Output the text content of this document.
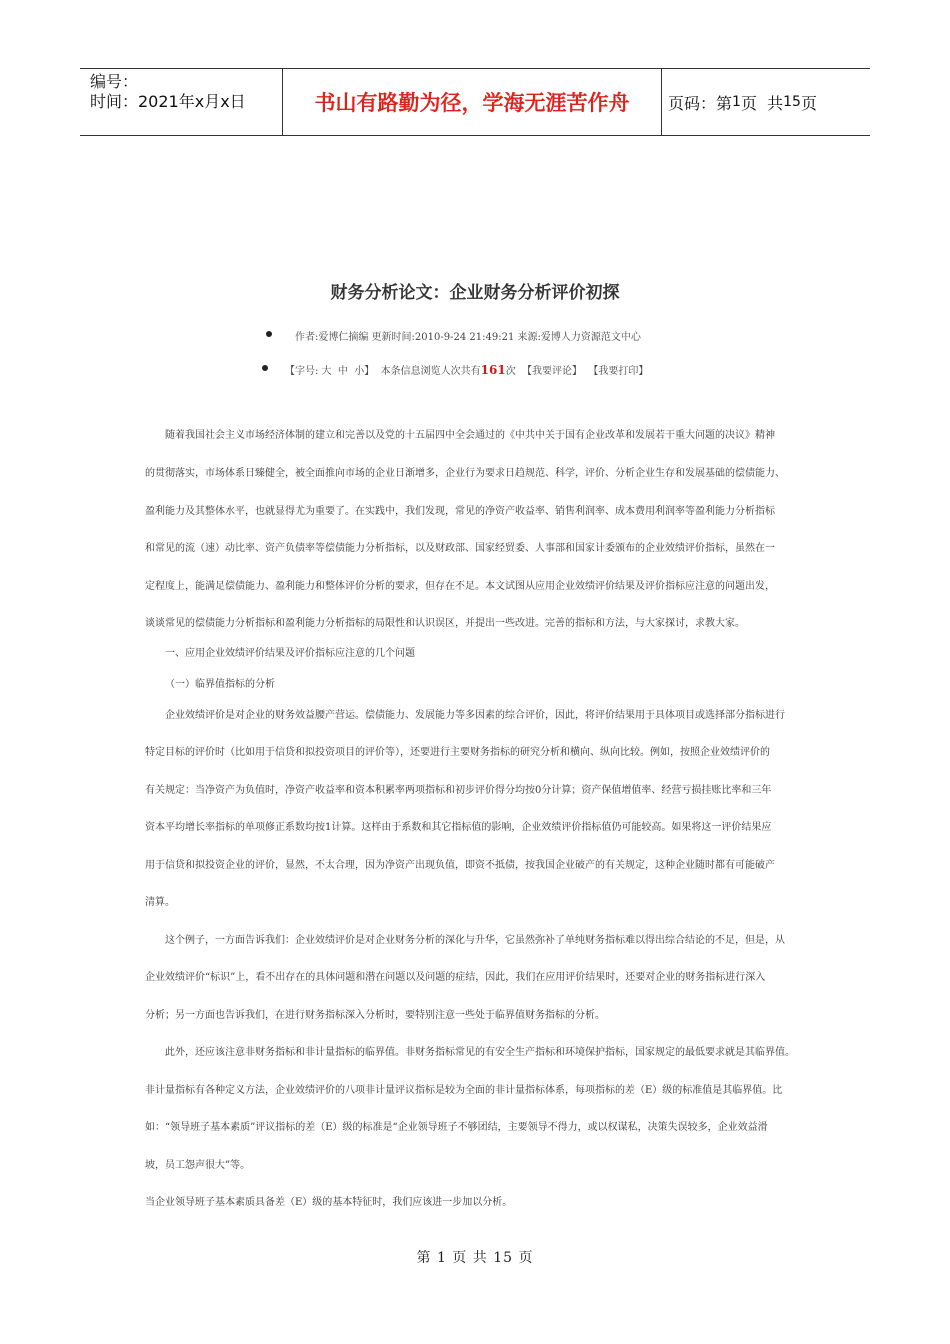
编号：
时间：2021年x月x日	书山有路勤为径，学海无涯苦作舟	页码：第 1 页  共 15 页
财务分析论文：企业财务分析评价初探
作者:爱博仁摘编 更新时间:2010-9-24 21:49:21 来源:爱博人力资源范文中心
【字号: 大  中  小】  本条信息浏览人次共有 161 次  【我要评论】  【我要打印】
随着我国社会主义市场经济体制的建立和完善以及党的十五届四中全会通过的《中共中关于国有企业改革和发展若干重大问题的决议》精神
的贯彻落实，市场体系日臻健全，被全面推向市场的企业日渐增多，企业行为要求日趋规范、科学，评价、分析企业生存和发展基础的偿债能力、
盈利能力及其整体水平，也就显得尤为重要了。在实践中，我们发现，常见的净资产收益率、销售利润率、成本费用利润率等盈利能力分析指标
和常见的流（速）动比率、资产负债率等偿债能力分析指标，以及财政部、国家经贸委、人事部和国家计委颁布的企业效绩评价指标，虽然在一
定程度上，能满足偿债能力、盈利能力和整体评价分析的要求，但存在不足。本文试图从应用企业效绩评价结果及评价指标应注意的问题出发，
谈谈常见的偿债能力分析指标和盈利能力分析指标的局限性和认识误区，并提出一些改进。完善的指标和方法，与大家探讨，求教大家。
一、应用企业效绩评价结果及评价指标应注意的几个问题
（一）临界值指标的分析
企业效绩评价是对企业的财务效益腰产营运。偿债能力、发展能力等多因素的综合评价，因此，将评价结果用于具体项目或选择部分指标进行
特定目标的评价时（比如用于信贷和拟投资项目的评价等），还要进行主要财务指标的研究分析和横向、纵向比较。例如，按照企业效绩评价的
有关规定：当净资产为负值时，净资产收益率和资本积累率两项指标和初步评价得分均按0分计算；资产保值增值率、经营亏损挂账比率和三年
资本平均增长率指标的单项修正系数均按1计算。这样由于系数和其它指标值的影响，企业效绩评价指标值仍可能较高。如果将这一评价结果应
用于信贷和拟投资企业的评价，显然，不太合理，因为净资产出现负值，即资不抵债，按我国企业破产的有关规定，这种企业随时都有可能破产
清算。
这个例子，一方面告诉我们：企业效绩评价是对企业财务分析的深化与升华，它虽然弥补了单纯财务指标难以得出综合结论的不足，但是，从
企业效绩评价“标识”上，看不出存在的具体问题和潜在问题以及问题的症结，因此，我们在应用评价结果时，还要对企业的财务指标进行深入
分析；另一方面也告诉我们，在进行财务指标深入分析时，要特别注意一些处于临界值财务指标的分析。
此外，还应该注意非财务指标和非计量指标的临界值。非财务指标常见的有安全生产指标和环境保护指标，国家规定的最低要求就是其临界值。
非计量指标有各种定义方法，企业效绩评价的八项非计量评议指标是较为全面的非计量指标体系，每项指标的差（E）级的标准值是其临界值。比
如：“领导班子基本素质”评议指标的差（E）级的标准是“企业领导班子不够团结，主要领导不得力，或以权谋私，决策失误较多，企业效益滑
坡，员工怨声很大”等。
当企业领导班子基本素质具备差（E）级的基本特征时，我们应该进一步加以分析。
第 1 页 共 15 页
